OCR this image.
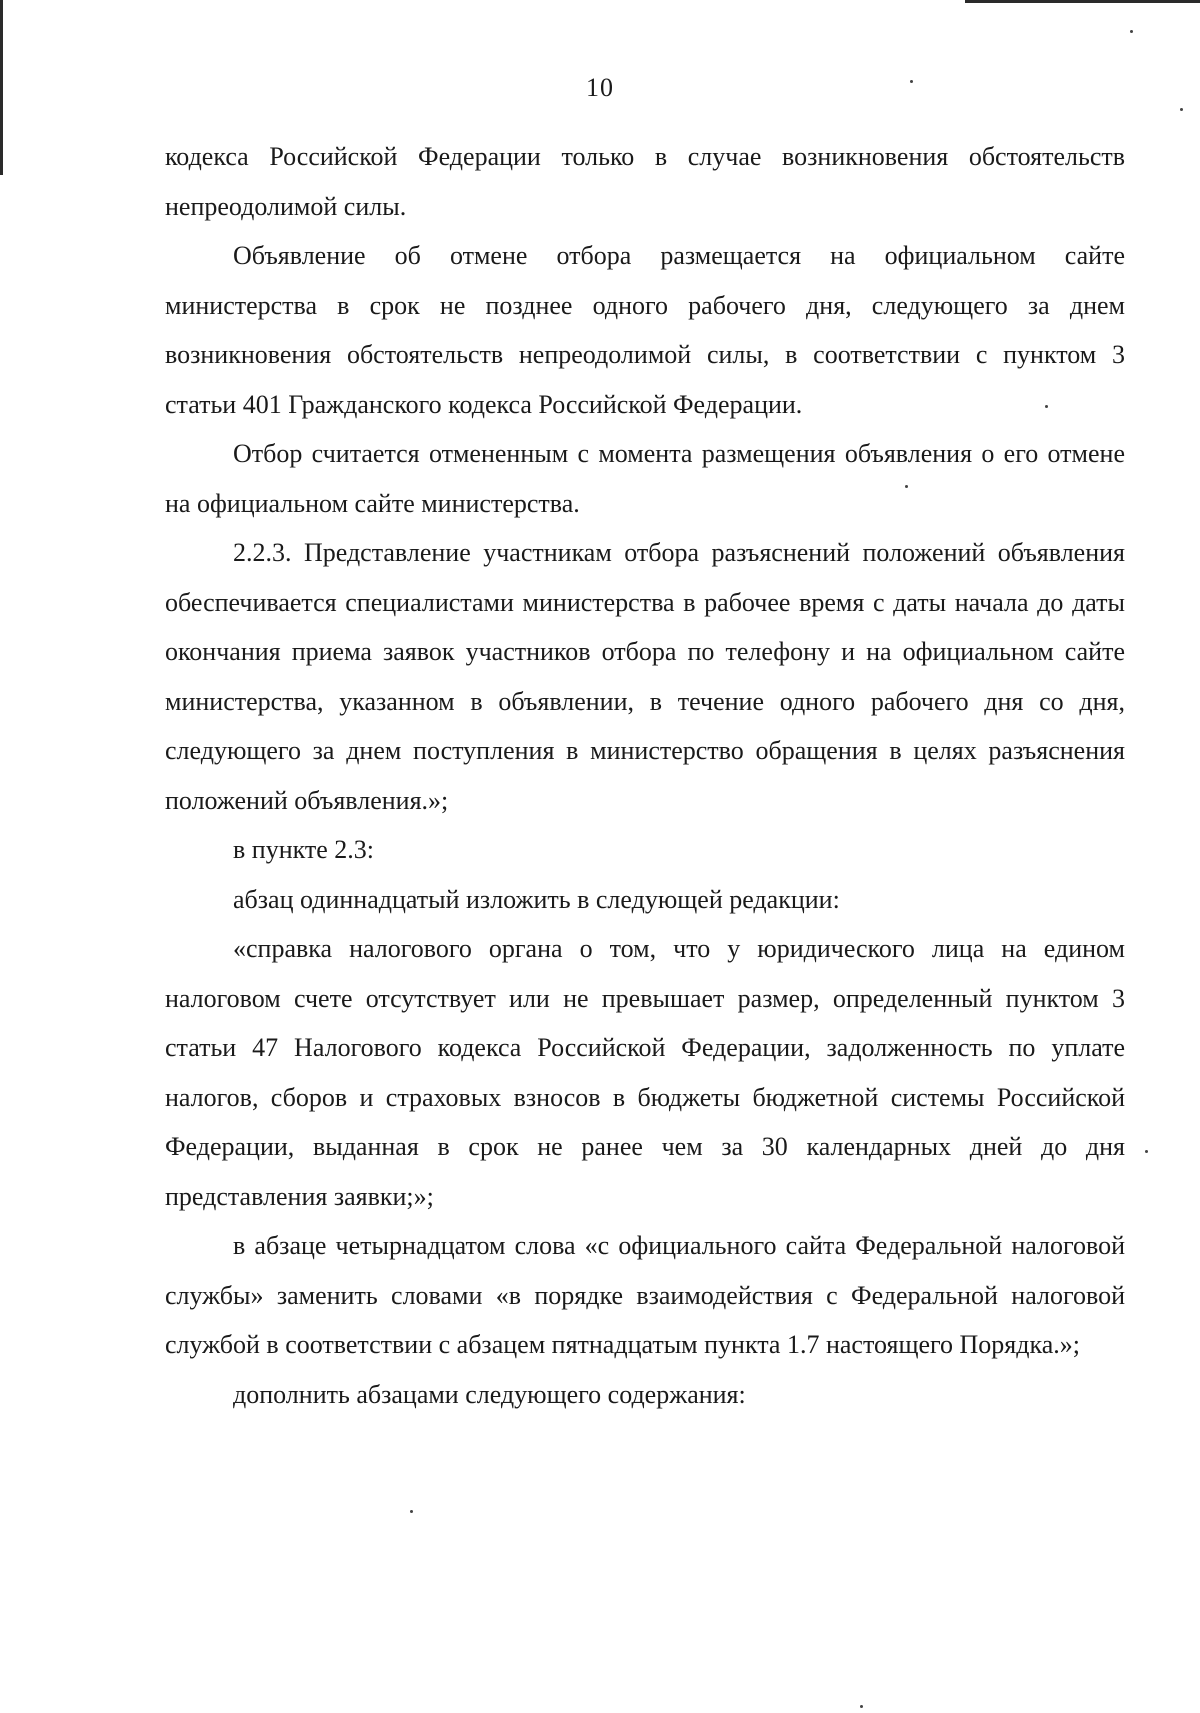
10

кодекса Российской Федерации только в случае возникновения обстоятельств непреодолимой силы.

Объявление об отмене отбора размещается на официальном сайте министерства в срок не позднее одного рабочего дня, следующего за днем возникновения обстоятельств непреодолимой силы, в соответствии с пунктом 3 статьи 401 Гражданского кодекса Российской Федерации.

Отбор считается отмененным с момента размещения объявления о его отмене на официальном сайте министерства.

2.2.3. Представление участникам отбора разъяснений положений объявления обеспечивается специалистами министерства в рабочее время с даты начала до даты окончания приема заявок участников отбора по телефону и на официальном сайте министерства, указанном в объявлении, в течение одного рабочего дня со дня, следующего за днем поступления в министерство обращения в целях разъяснения положений объявления.»;

в пункте 2.3:

абзац одиннадцатый изложить в следующей редакции:

«справка налогового органа о том, что у юридического лица на едином налоговом счете отсутствует или не превышает размер, определенный пунктом 3 статьи 47 Налогового кодекса Российской Федерации, задолженность по уплате налогов, сборов и страховых взносов в бюджеты бюджетной системы Российской Федерации, выданная в срок не ранее чем за 30 календарных дней до дня представления заявки;»;

в абзаце четырнадцатом слова «с официального сайта Федеральной налоговой службы» заменить словами «в порядке взаимодействия с Федеральной налоговой службой в соответствии с абзацем пятнадцатым пункта 1.7 настоящего Порядка.»;

дополнить абзацами следующего содержания:
